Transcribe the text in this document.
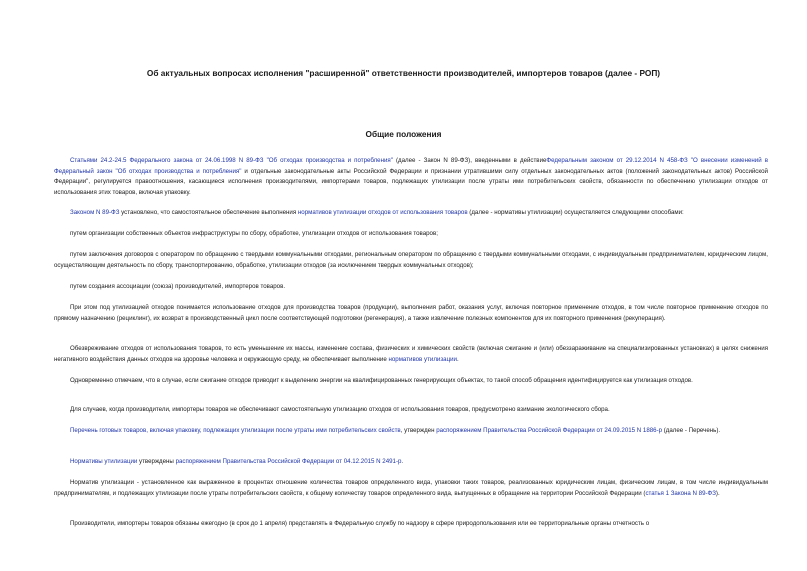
Об актуальных вопросах исполнения "расширенной" ответственности производителей, импортеров товаров (далее - РОП)
Общие положения

Статьями 24.2-24.5 Федерального закона от 24.06.1998 N 89-ФЗ "Об отходах производства и потребления" (далее - Закон N 89-ФЗ), введенными в действиеФедеральным законом от 29.12.2014 N 458-ФЗ "О внесении изменений в Федеральный закон "Об отходах производства и потребления" и отдельные законодательные акты Российской Федерации и признании утратившими силу отдельных законодательных актов (положений законодательных актов) Российской Федерации", регулируется правоотношения, касающиеся исполнения производителями, импортерами товаров, подлежащих утилизации после утраты ими потребительских свойств, обязанности по обеспечению утилизации отходов от использования этих товаров, включая упаковку.

Законом N 89-ФЗ установлено, что самостоятельное обеспечение выполнения нормативов утилизации отходов от использования товаров (далее - нормативы утилизации) осуществляется следующими способами:

путем организации собственных объектов инфраструктуры по сбору, обработке, утилизации отходов от использования товаров;

путем заключения договоров с оператором по обращению с твердыми коммунальными отходами, региональным оператором по обращению с твердыми коммунальными отходами, с индивидуальным предпринимателем, юридическим лицом, осуществляющим деятельность по сбору, транспортированию, обработке, утилизации отходов (за исключением твердых коммунальных отходов);

путем создания ассоциации (союза) производителей, импортеров товаров.

При этом под утилизацией отходов понимается использование отходов для производства товаров (продукции), выполнения работ, оказания услуг, включая повторное применение отходов, в том числе повторное применение отходов по прямому назначению (рециклинг), их возврат в производственный цикл после соответствующей подготовки (регенерация), а также извлечение полезных компонентов для их повторного применения (рекуперация).

Обезвреживание отходов от использования товаров, то есть уменьшение их массы, изменение состава, физических и химических свойств (включая сжигание и (или) обеззараживание на специализированных установках) в целях снижения негативного воздействия данных отходов на здоровье человека и окружающую среду, не обеспечивает выполнение нормативов утилизации.

Одновременно отмечаем, что в случае, если сжигание отходов приводит к выделению энергии на квалифицированных генерирующих объектах, то такой способ обращения идентифицируется как утилизация отходов.

Для случаев, когда производители, импортеры товаров не обеспечивают самостоятельную утилизацию отходов от использования товаров, предусмотрено взимание экологического сбора.

Перечень готовых товаров, включая упаковку, подлежащих утилизации после утраты ими потребительских свойств, утвержден распоряжением Правительства Российской Федерации от 24.09.2015 N 1886-р (далее - Перечень).

Нормативы утилизации утверждены распоряжением Правительства Российской Федерации от 04.12.2015 N 2491-р.

Норматив утилизации - установленное как выраженное в процентах отношение количества товаров определенного вида, упаковки таких товаров, реализованных юридическим лицам, физическим лицам, в том числе индивидуальным предпринимателям, и подлежащих утилизации после утраты потребительских свойств, к общему количеству товаров определенного вида, выпущенных в обращение на территории Российской Федерации (статья 1 Закона N 89-ФЗ).

Производители, импортеры товаров обязаны ежегодно (в срок до 1 апреля) представлять в Федеральную службу по надзору в сфере природопользования или ее территориальные органы отчетность о
